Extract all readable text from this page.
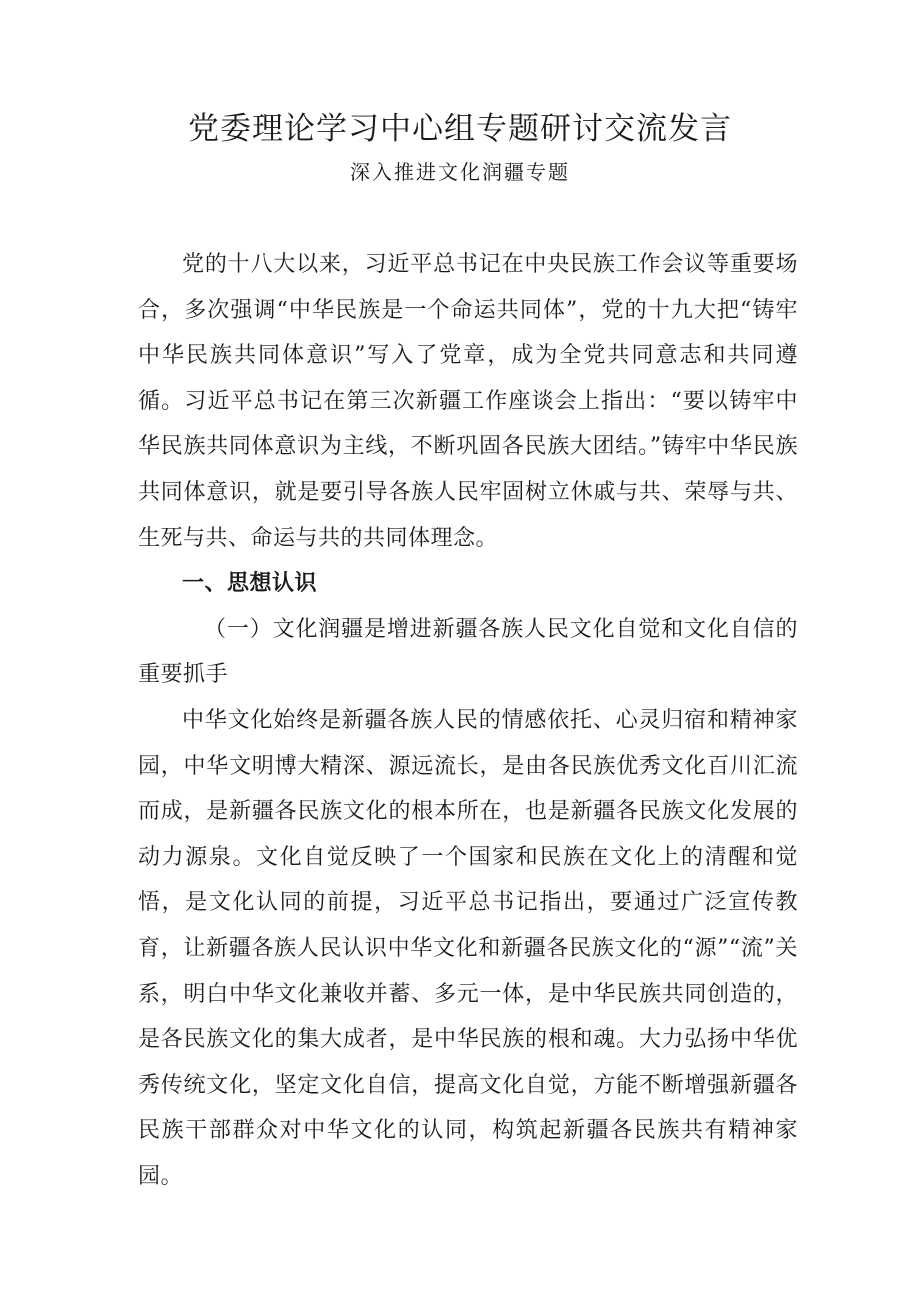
党委理论学习中心组专题研讨交流发言

深入推进文化润疆专题

党的十八大以来，习近平总书记在中央民族工作会议等重要场合，多次强调“中华民族是一个命运共同体”，党的十九大把“铸牢中华民族共同体意识”写入了党章，成为全党共同意志和共同遵循。习近平总书记在第三次新疆工作座谈会上指出：“要以铸牢中华民族共同体意识为主线，不断巩固各民族大团结。”铸牢中华民族共同体意识，就是要引导各族人民牢固树立休戚与共、荣辱与共、生死与共、命运与共的共同体理念。

一、思想认识

（一）文化润疆是增进新疆各族人民文化自觉和文化自信的重要抓手

中华文化始终是新疆各族人民的情感依托、心灵归宿和精神家园，中华文明博大精深、源远流长，是由各民族优秀文化百川汇流而成，是新疆各民族文化的根本所在，也是新疆各民族文化发展的动力源泉。文化自觉反映了一个国家和民族在文化上的清醒和觉悟，是文化认同的前提，习近平总书记指出，要通过广泛宣传教育，让新疆各族人民认识中华文化和新疆各民族文化的“源”“流”关系，明白中华文化兼收并蓄、多元一体，是中华民族共同创造的，是各民族文化的集大成者，是中华民族的根和魂。大力弘扬中华优秀传统文化，坚定文化自信，提高文化自觉，方能不断增强新疆各民族干部群众对中华文化的认同，构筑起新疆各民族共有精神家园。
